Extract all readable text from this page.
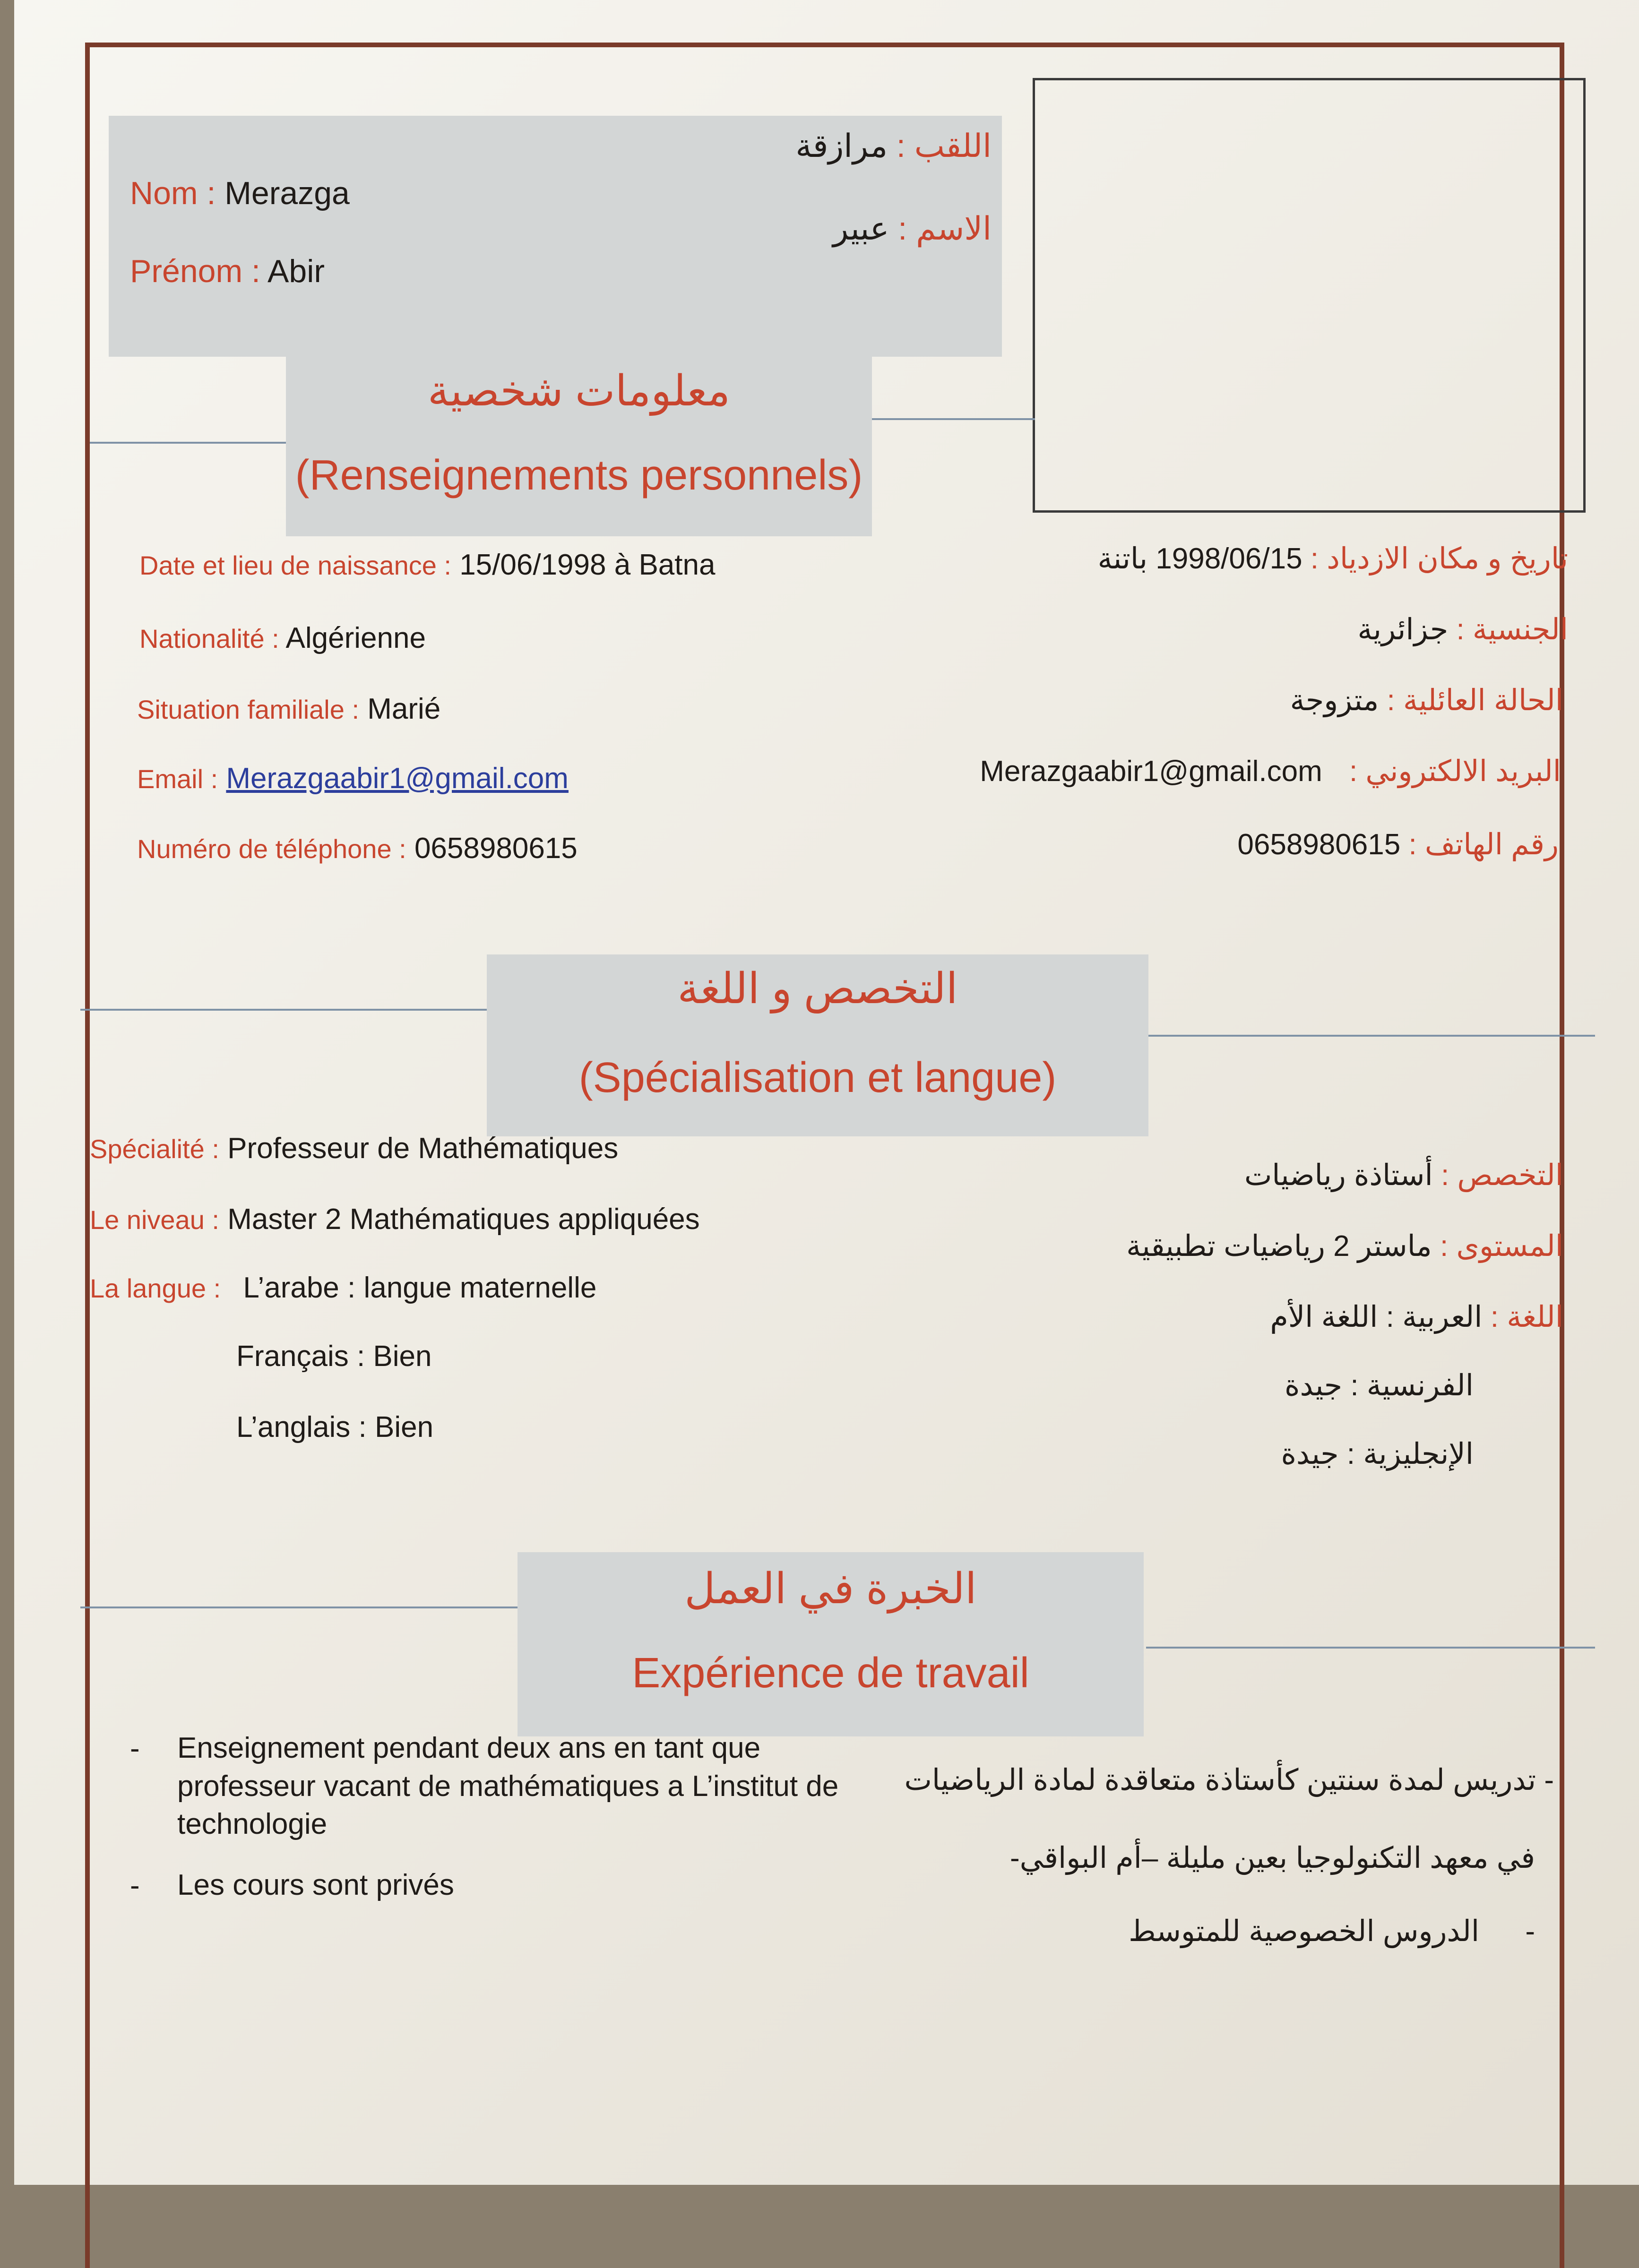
Nom : Merazga
Prénom : Abir
اللقب : مرازقة
الاسم : عبير
معلومات شخصية
(Renseignements personnels)
Date et lieu de naissance : 15/06/1998 à Batna
Nationalité : Algérienne
Situation familiale : Marié
Email : Merazgaabir1@gmail.com
Numéro de téléphone : 0658980615
تاريخ و مكان الازدياد : 1998/06/15 باتنة
الجنسية : جزائرية
الحالة العائلية : متزوجة
البريد الالكتروني : Merazgaabir1@gmail.com
رقم الهاتف : 0658980615
التخصص و اللغة
(Spécialisation et langue)
Spécialité : Professeur de Mathématiques
Le niveau : Master 2 Mathématiques appliquées
La langue : L’arabe : langue maternelle
Français : Bien
L’anglais : Bien
التخصص : أستاذة رياضيات
المستوى : ماستر 2 رياضيات تطبيقية
اللغة : العربية : اللغة الأم
الفرنسية : جيدة
الإنجليزية : جيدة
الخبرة في العمل
Expérience de travail
- Enseignement pendant deux ans en tant que professeur vacant de mathématiques a L’institut de technologie
- Les cours sont privés
- تدريس لمدة سنتين كأستاذة متعاقدة لمادة الرياضيات
في معهد التكنولوجيا بعين مليلة –أم البواقي-
- الدروس الخصوصية للمتوسط
